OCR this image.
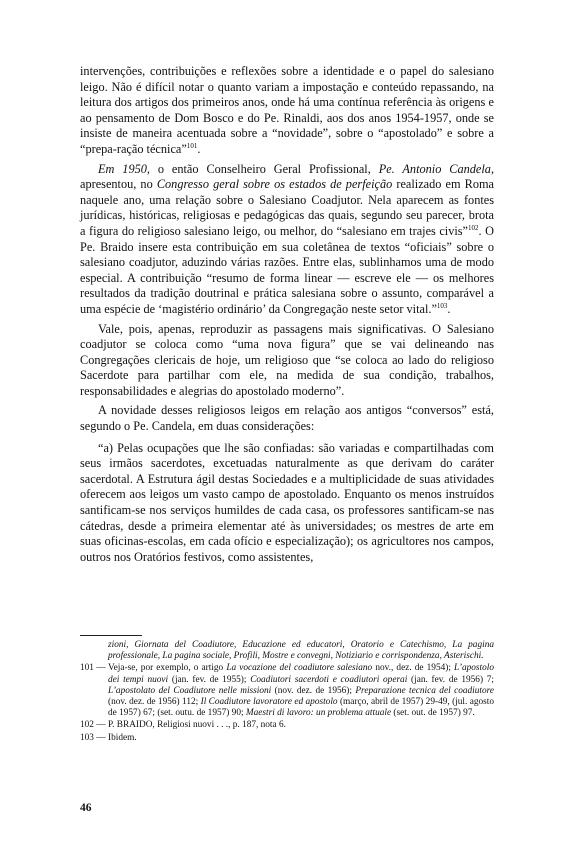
intervenções, contribuições e reflexões sobre a identidade e o papel do salesiano leigo. Não é difícil notar o quanto variam a impostação e conteúdo repassando, na leitura dos artigos dos primeiros anos, onde há uma contínua referência às origens e ao pensamento de Dom Bosco e do Pe. Rinaldi, aos dos anos 1954-1957, onde se insiste de maneira acentuada sobre a “novidade”, sobre o “apostolado” e sobre a “prepa-ração técnica”$^{101}$.

Em 1950, o então Conselheiro Geral Profissional, Pe. Antonio Candela, apresentou, no Congresso geral sobre os estados de perfeição realizado em Roma naquele ano, uma relação sobre o Salesiano Coadjutor. Nela aparecem as fontes jurídicas, históricas, religiosas e pedagógicas das quais, segundo seu parecer, brota a figura do religioso salesiano leigo, ou melhor, do “salesiano em trajes civis”$^{102}$. O Pe. Braido insere esta contribuição em sua coletânea de textos “oficiais” sobre o salesiano coadjutor, aduzindo várias razões. Entre elas, sublinhamos uma de modo especial. A contribuição “resumo de forma linear — escreve ele — os melhores resultados da tradição doutrinal e prática salesiana sobre o assunto, comparável a uma espécie de ‘magistério ordinário’ da Congregação neste setor vital.”$^{103}$.

Vale, pois, apenas, reproduzir as passagens mais significativas. O Salesiano coadjutor se coloca como “uma nova figura” que se vai delineando nas Congregações clericais de hoje, um religioso que “se coloca ao lado do religioso Sacerdote para partilhar com ele, na medida de sua condição, trabalhos, responsabilidades e alegrias do apostolado moderno”.

A novidade desses religiosos leigos em relação aos antigos “conversos” está, segundo o Pe. Candela, em duas considerações:

“a) Pelas ocupações que lhe são confiadas: são variadas e compartilhadas com seus irmãos sacerdotes, excetuadas naturalmente as que derivam do caráter sacerdotal. A Estrutura ágil destas Sociedades e a multiplicidade de suas atividades oferecem aos leigos um vasto campo de apostolado. Enquanto os menos instruídos santificam-se nos serviços humildes de cada casa, os professores santificam-se nas cátedras, desde a primeira elementar até às universidades; os mestres de arte em suas oficinas-escolas, em cada ofício e especialização); os agricultores nos campos, outros nos Oratórios festivos, como assistentes,

zioni, Giornata del Coadiutore, Educazione ed educatori, Oratorio e Catechismo, La pagina professionale, La pagina sociale, Profili, Mostre e convegni, Notiziario e corrispondenza, Asterischi.
101 — Veja-se, por exemplo, o artigo La vocazione del coadiutore salesiano nov., dez. de 1954); L’apostolo dei tempi nuovi (jan. fev. de 1955); Coadiutori sacerdoti e coadiutori operai (jan. fev. de 1956) 7; L’apostolato del Coadiutore nelle missioni (nov. dez. de 1956); Preparazione tecnica del coadiutore (nov. dez. de 1956) 112; Il Coadiutore lavoratore ed apostolo (março, abril de 1957) 29-49, (jul. agosto de 1957) 67; (set. outu. de 1957) 90; Maestri di lavoro: un problema attuale (set. out. de 1957) 97.
102 — P. BRAIDO, Religiosi nuovi . . ., p. 187, nota 6.
103 — Ibidem.
46
